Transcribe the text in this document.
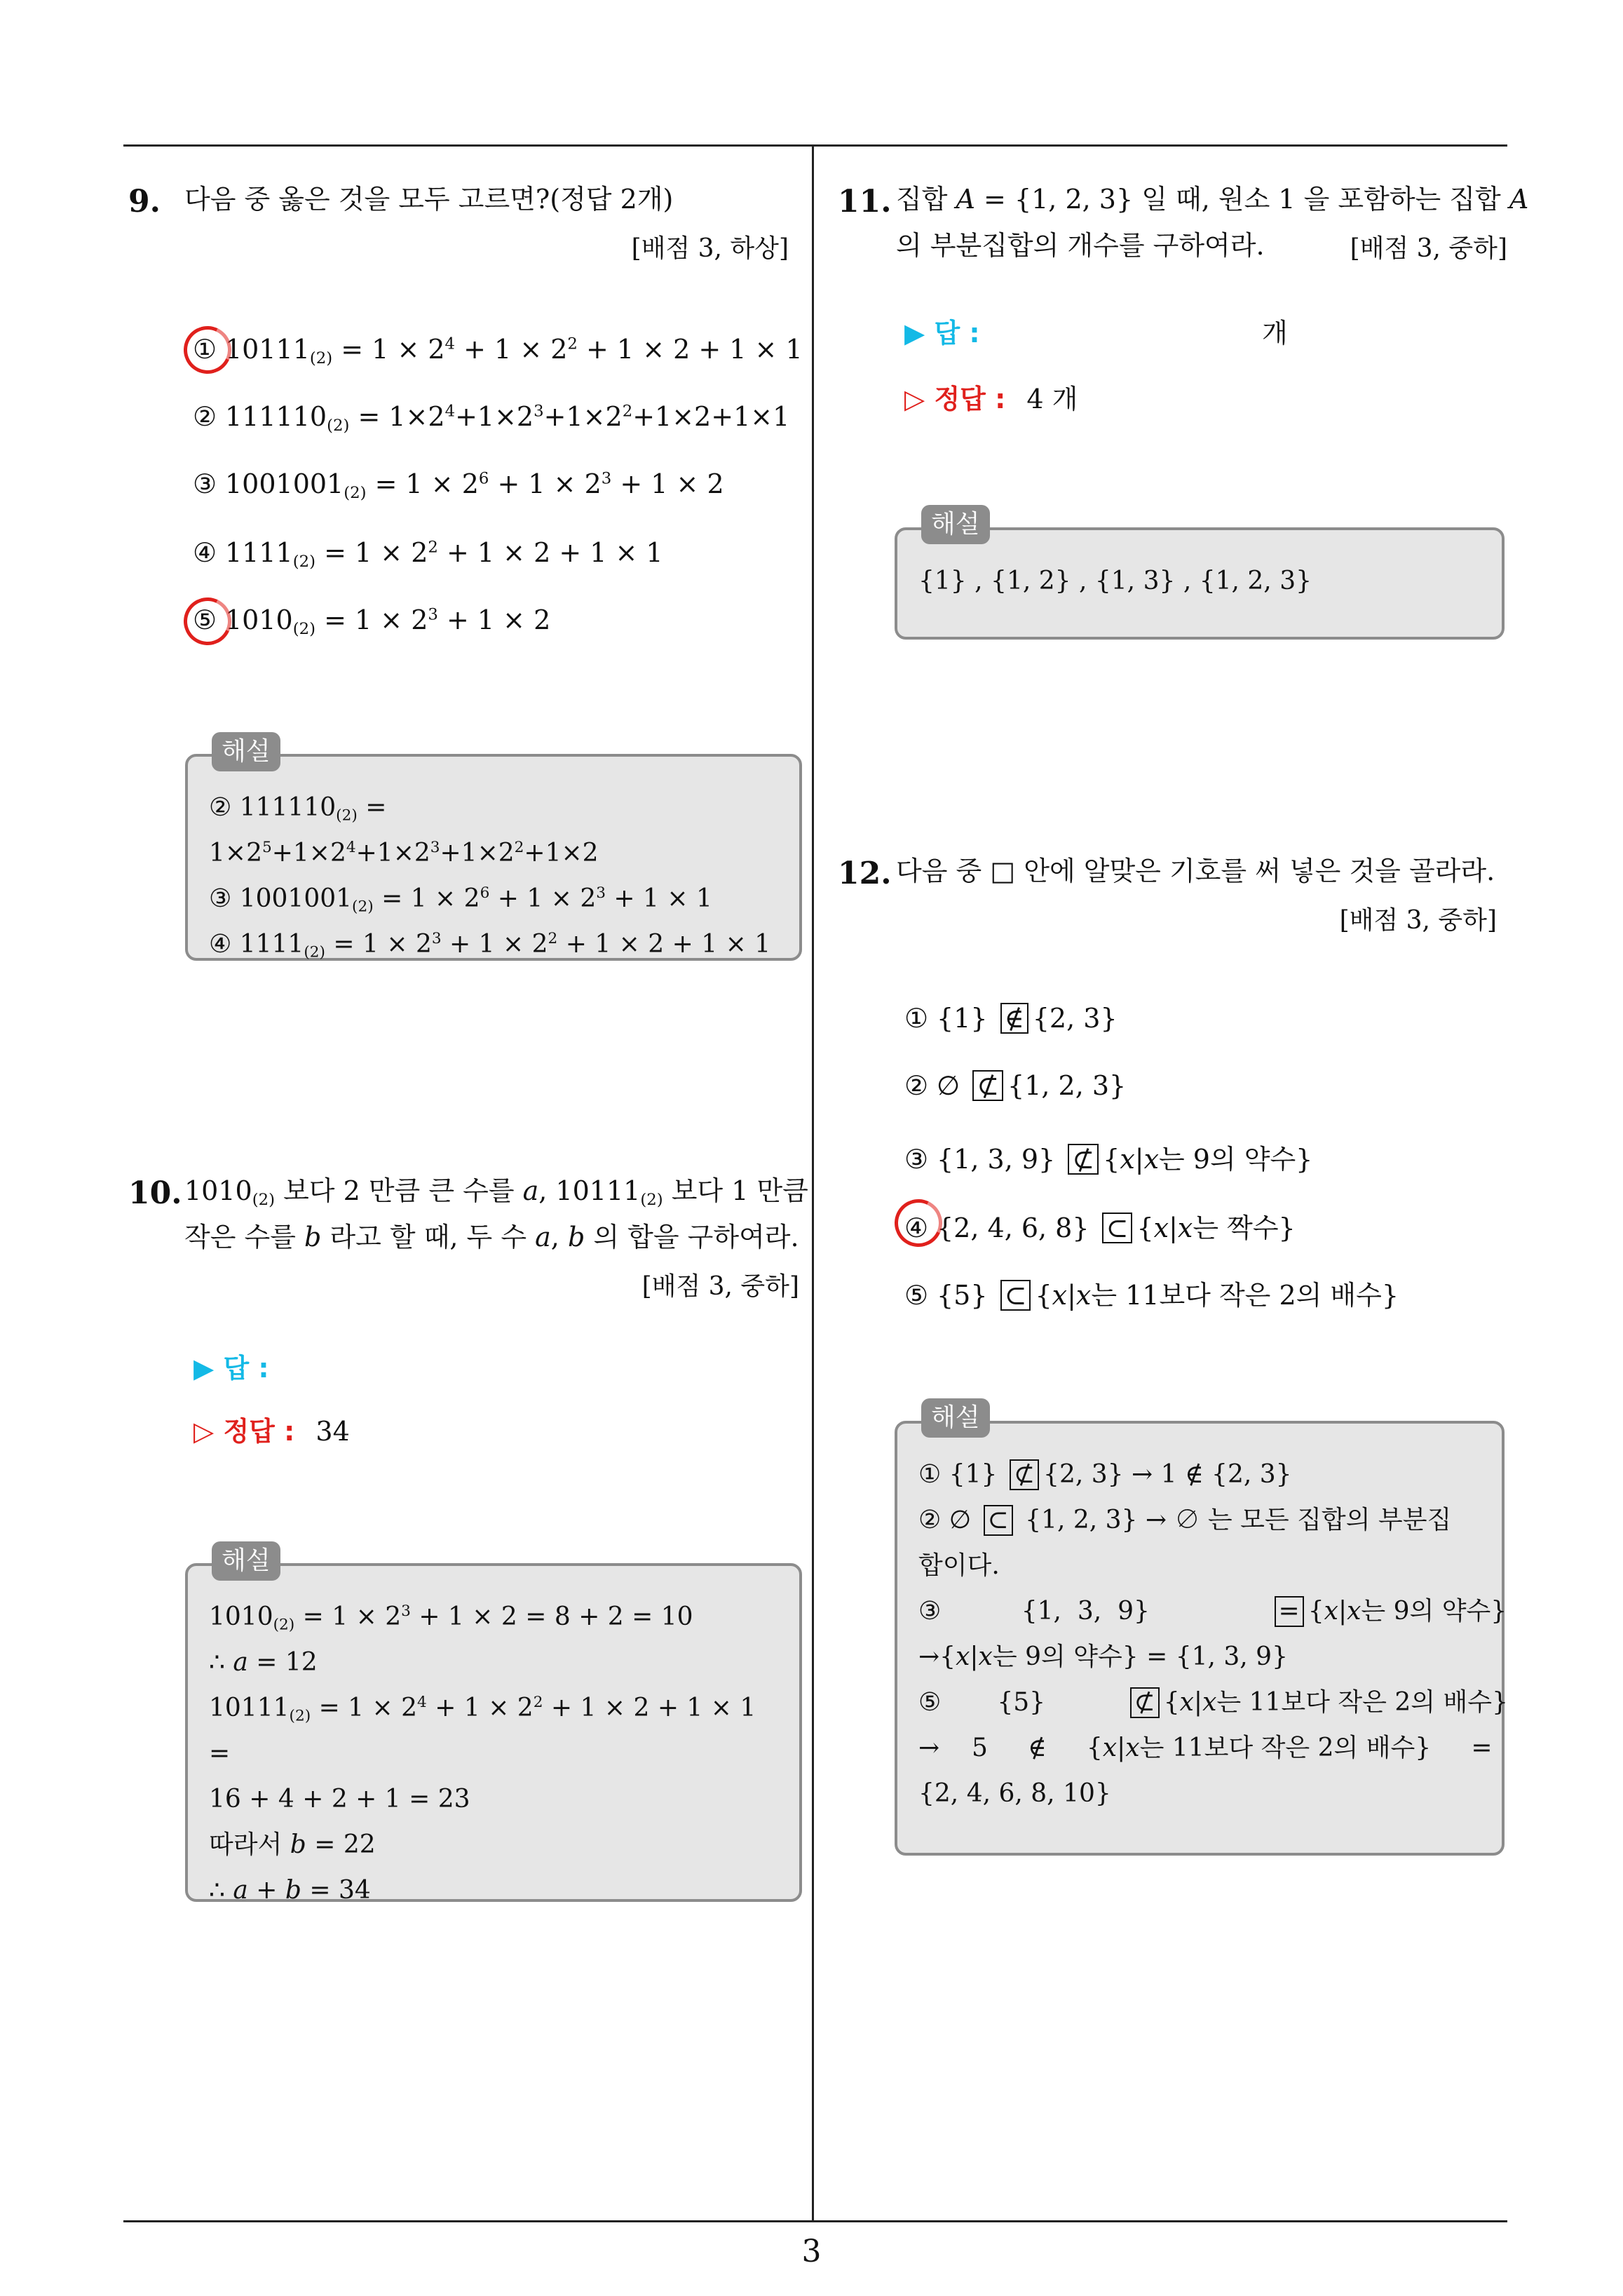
9. 다음 중 옳은 것을 모두 고르면?(정답 2개)
[배점 3, 하상]
① $10111_{(2)} = 1 \times 2^4 + 1 \times 2^2 + 1 \times 2 + 1 \times 1$
② $111110_{(2)} = 1\times 2^4+1\times 2^3+1\times 2^2+1\times 2+1\times 1$
③ $1001001_{(2)} = 1 \times 2^6 + 1 \times 2^3 + 1 \times 2$
④ $1111_{(2)} = 1 \times 2^2 + 1 \times 2 + 1 \times 1$
⑤ $1010_{(2)} = 1 \times 2^3 + 1 \times 2$
② $111110_{(2)} = 1\times 2^5+1\times 2^4+1\times 2^3+1\times 2^2+1\times 2$
③ $1001001_{(2)} = 1 \times 2^6 + 1 \times 2^3 + 1 \times 1$
④ $1111_{(2)} = 1 \times 2^3 + 1 \times 2^2 + 1 \times 2 + 1 \times 1$
해설
10. $1010_{(2)}$ 보다 2 만큼 큰 수를 a, $10111_{(2)}$ 보다 1 만큼
작은 수를 b 라고 할 때, 두 수 a, b 의 합을 구하여라.
[배점 3, 중하]
▶ 답 :
▷ 정답 : 34
$1010_{(2)} = 1 \times 2^3 + 1 \times 2 = 8 + 2 = 10$
∴ a = 12
$10111_{(2)} = 1 \times 2^4 + 1 \times 2^2 + 1 \times 2 + 1 \times 1$ =
16 + 4 + 2 + 1 = 23
따라서 b = 22
∴ a + b = 34
해설
11. 집합 A = {1, 2, 3} 일 때, 원소 1 을 포함하는 집합 A
의 부분집합의 개수를 구하여라.	[배점 3, 중하]
▶ 답 :	개
▷ 정답 : 4 개
{1} , {1, 2} , {1, 3} , {1, 2, 3}
해설
12. 다음 중 □ 안에 알맞은 기호를 써 넣은 것을 골라라.
[배점 3, 중하]
① {1} ∉ {2, 3}
② ∅ ⊄ {1, 2, 3}
③ {1, 3, 9} ⊄ {x|x는 9의 약수}
④ {2, 4, 6, 8} ⊂ {x|x는 짝수}
⑤ {5} ⊂ {x|x는 11보다 작은 2의 배수}
① {1} ⊄ {2, 3} → 1 ∉ {2, 3}
② ∅ ⊂ {1, 2, 3} → ∅ 는 모든 집합의 부분집
합이다.
③          {1,  3,  9}               = {x|x는 9의 약수}
→{x|x는 9의 약수} = {1, 3, 9}
⑤       {5}          ⊄ {x|x는 11보다 작은 2의 배수}
→    5     ∉     {x|x는 11보다 작은 2의 배수}     =
{2, 4, 6, 8, 10}
해설
3
